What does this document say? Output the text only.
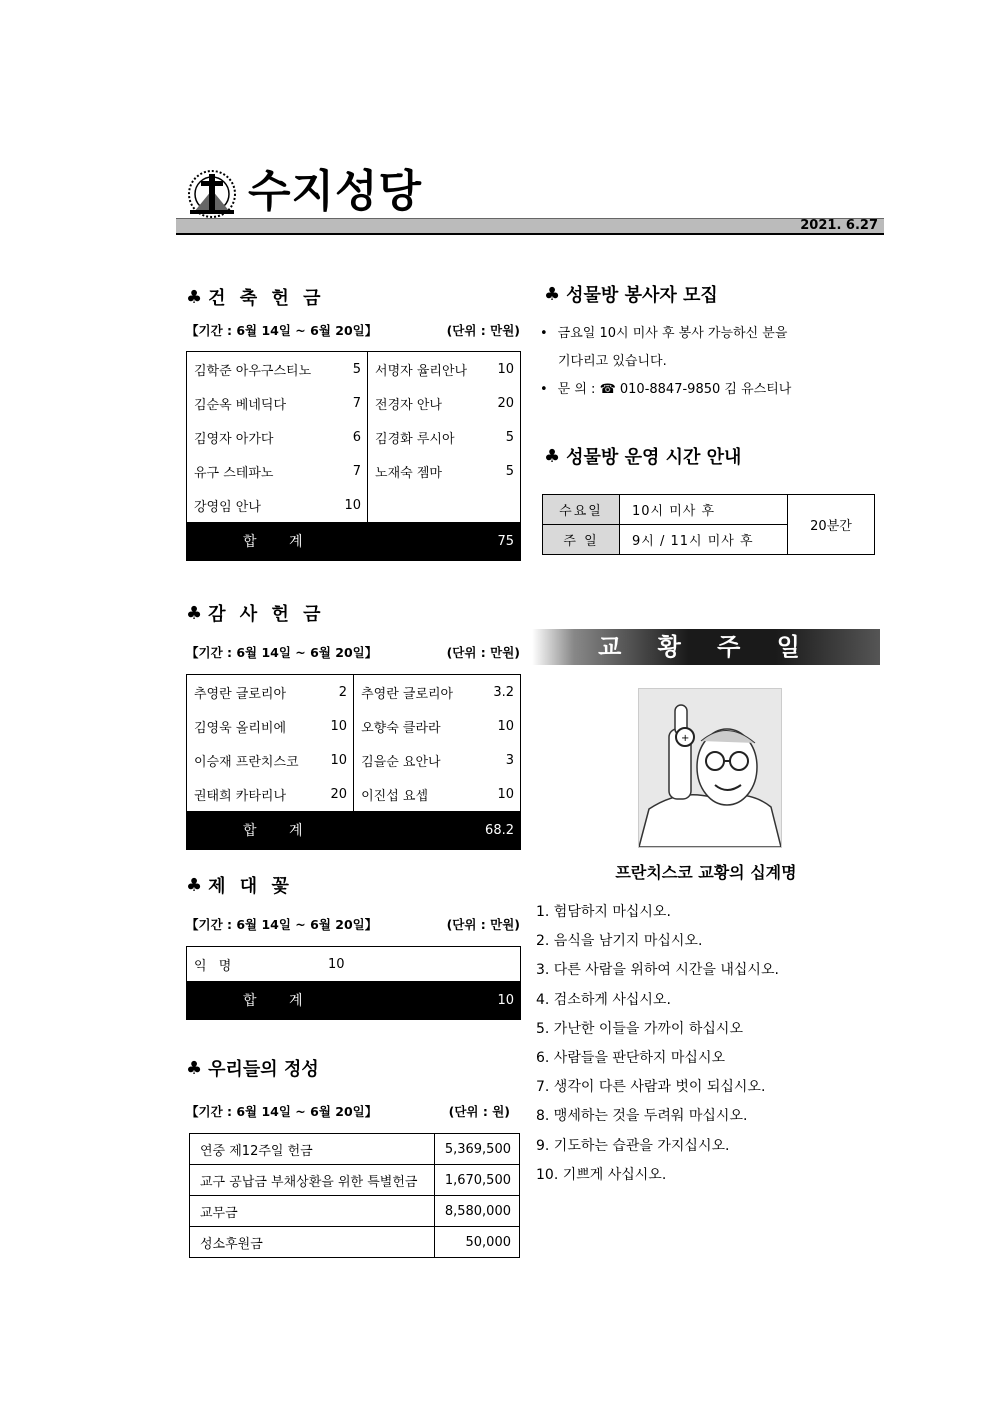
수지성당
2021. 6.27
♣ 건 축 헌 금
【기간 : 6월 14일 ~ 6월 20일】	(단위 : 만원)
김학준 아우구스티노	5	서명자 율리안나	10
김순옥 베네딕다	7	전경자 안나	20
김영자 아가다	6	김경화 루시아	5
유구 스테파노	7	노재숙 젬마	5
강영임 안나	10		
합 계			75
♣ 감 사 헌 금
【기간 : 6월 14일 ~ 6월 20일】	(단위 : 만원)
추영란 글로리아	2	추영란 글로리아	3.2
김영욱 올리비에	10	오향숙 클라라	10
이승재 프란치스코	10	김을순 요안나	3
권태희 카타리나	20	이진섭 요셉	10
합 계			68.2
♣ 제 대 꽃
【기간 : 6월 14일 ~ 6월 20일】	(단위 : 만원)
익 명	10	
합 계		10
♣ 우리들의 정성
【기간 : 6월 14일 ~ 6월 20일】	(단위 : 원)
연중 제12주일 헌금	5,369,500
교구 공납금 부채상환을 위한 특별헌금	1,670,500
교무금	8,580,000
성소후원금	50,000
♣ 성물방 봉사자 모집
• 금요일 10시 미사 후 봉사 가능하신 분을
기다리고 있습니다.
• 문 의 : ☎ 010-8847-9850 김 유스티나
♣ 성물방 운영 시간 안내
수요일	10시 미사 후	20분간
주 일	9시 / 11시 미사 후	
교 황 주 일
+
프란치스코 교황의 십계명
1. 험담하지 마십시오.
2. 음식을 남기지 마십시오.
3. 다른 사람을 위하여 시간을 내십시오.
4. 검소하게 사십시오.
5. 가난한 이들을 가까이 하십시오
6. 사람들을 판단하지 마십시오
7. 생각이 다른 사람과 벗이 되십시오.
8. 맹세하는 것을 두려워 마십시오.
9. 기도하는 습관을 가지십시오.
10. 기쁘게 사십시오.
